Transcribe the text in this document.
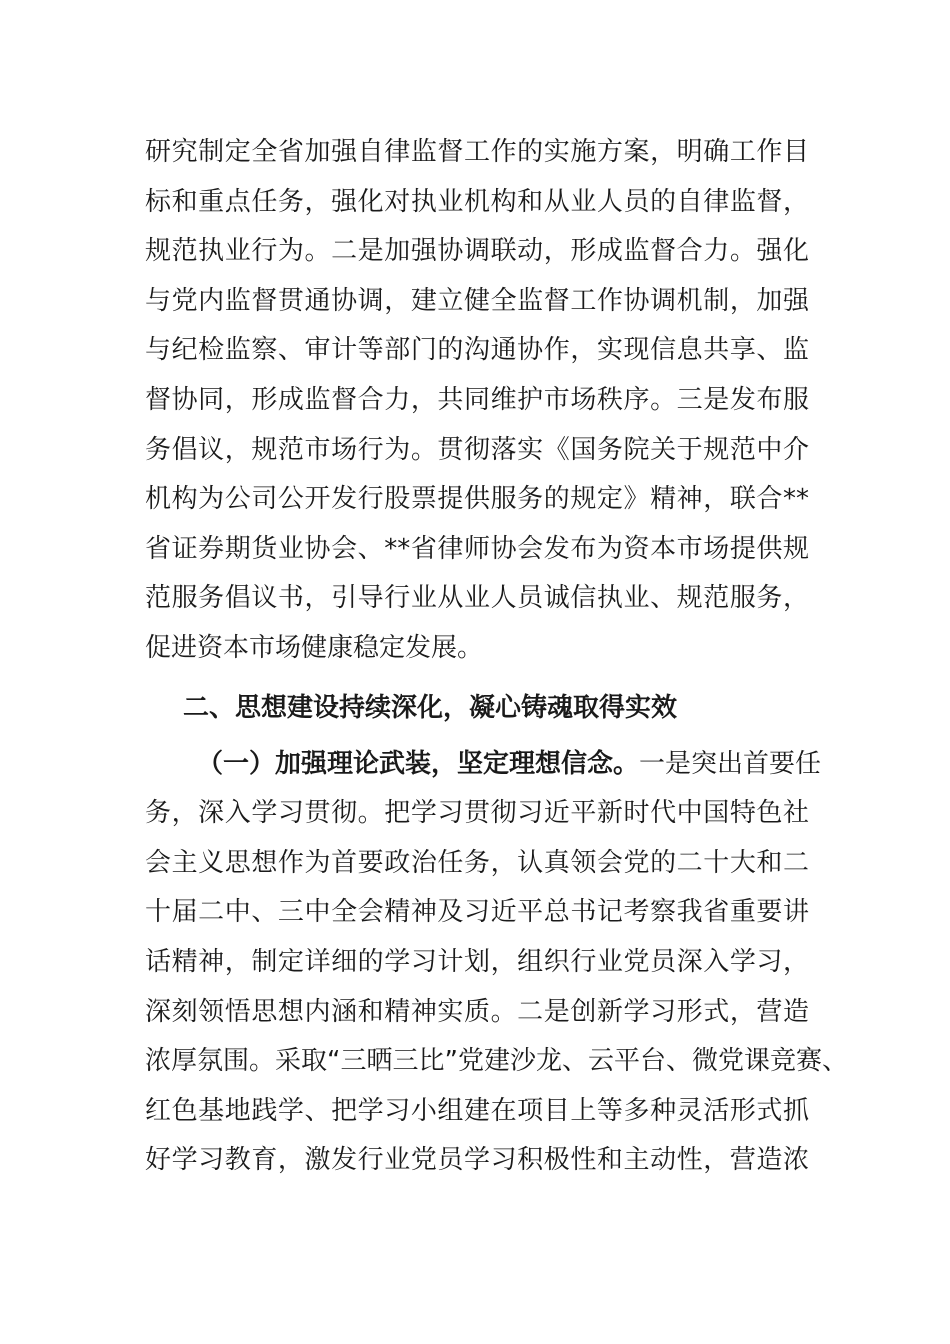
研究制定全省加强自律监督工作的实施方案，明确工作目
标和重点任务，强化对执业机构和从业人员的自律监督，
规范执业行为。二是加强协调联动，形成监督合力。强化
与党内监督贯通协调，建立健全监督工作协调机制，加强
与纪检监察、审计等部门的沟通协作，实现信息共享、监
督协同，形成监督合力，共同维护市场秩序。三是发布服
务倡议，规范市场行为。贯彻落实《国务院关于规范中介
机构为公司公开发行股票提供服务的规定》精神，联合**
省证券期货业协会、**省律师协会发布为资本市场提供规
范服务倡议书，引导行业从业人员诚信执业、规范服务，
促进资本市场健康稳定发展。
二、思想建设持续深化，凝心铸魂取得实效
（一）加强理论武装，坚定理想信念。一是突出首要任
务，深入学习贯彻。把学习贯彻习近平新时代中国特色社
会主义思想作为首要政治任务，认真领会党的二十大和二
十届二中、三中全会精神及习近平总书记考察我省重要讲
话精神，制定详细的学习计划，组织行业党员深入学习，
深刻领悟思想内涵和精神实质。二是创新学习形式，营造
浓厚氛围。采取“三晒三比”党建沙龙、云平台、微党课竞赛、
红色基地践学、把学习小组建在项目上等多种灵活形式抓
好学习教育，激发行业党员学习积极性和主动性，营造浓
